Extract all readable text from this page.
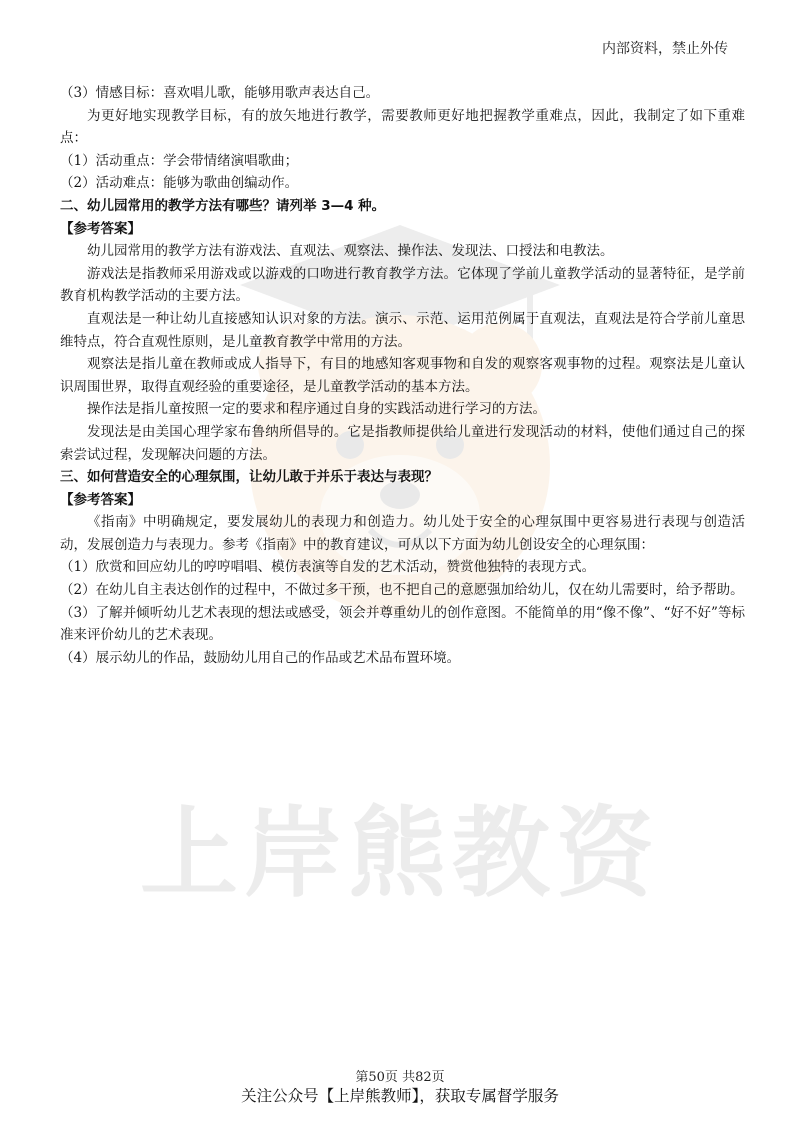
上岸熊教资
内部资料，禁止外传

（3）情感目标：喜欢唱儿歌，能够用歌声表达自己。

为更好地实现教学目标，有的放矢地进行教学，需要教师更好地把握教学重难点，因此，我制定了如下重难点：

（1）活动重点：学会带情绪演唱歌曲；

（2）活动难点：能够为歌曲创编动作。

二、幼儿园常用的教学方法有哪些？请列举 3—4 种。

【参考答案】

幼儿园常用的教学方法有游戏法、直观法、观察法、操作法、发现法、口授法和电教法。

游戏法是指教师采用游戏或以游戏的口吻进行教育教学方法。它体现了学前儿童教学活动的显著特征，是学前教育机构教学活动的主要方法。

直观法是一种让幼儿直接感知认识对象的方法。演示、示范、运用范例属于直观法，直观法是符合学前儿童思维特点，符合直观性原则，是儿童教育教学中常用的方法。

观察法是指儿童在教师或成人指导下，有目的地感知客观事物和自发的观察客观事物的过程。观察法是儿童认识周围世界，取得直观经验的重要途径，是儿童教学活动的基本方法。

操作法是指儿童按照一定的要求和程序通过自身的实践活动进行学习的方法。

发现法是由美国心理学家布鲁纳所倡导的。它是指教师提供给儿童进行发现活动的材料，使他们通过自己的探索尝试过程，发现解决问题的方法。

三、如何营造安全的心理氛围，让幼儿敢于并乐于表达与表现？

【参考答案】

《指南》中明确规定，要发展幼儿的表现力和创造力。幼儿处于安全的心理氛围中更容易进行表现与创造活动，发展创造力与表现力。参考《指南》中的教育建议，可从以下方面为幼儿创设安全的心理氛围：

（1）欣赏和回应幼儿的哼哼唱唱、模仿表演等自发的艺术活动，赞赏他独特的表现方式。

（2）在幼儿自主表达创作的过程中，不做过多干预，也不把自己的意愿强加给幼儿，仅在幼儿需要时，给予帮助。

（3）了解并倾听幼儿艺术表现的想法或感受，领会并尊重幼儿的创作意图。不能简单的用“像不像”、“好不好”等标准来评价幼儿的艺术表现。

（4）展示幼儿的作品，鼓励幼儿用自己的作品或艺术品布置环境。

第50页 共82页
关注公众号【上岸熊教师】，获取专属督学服务
